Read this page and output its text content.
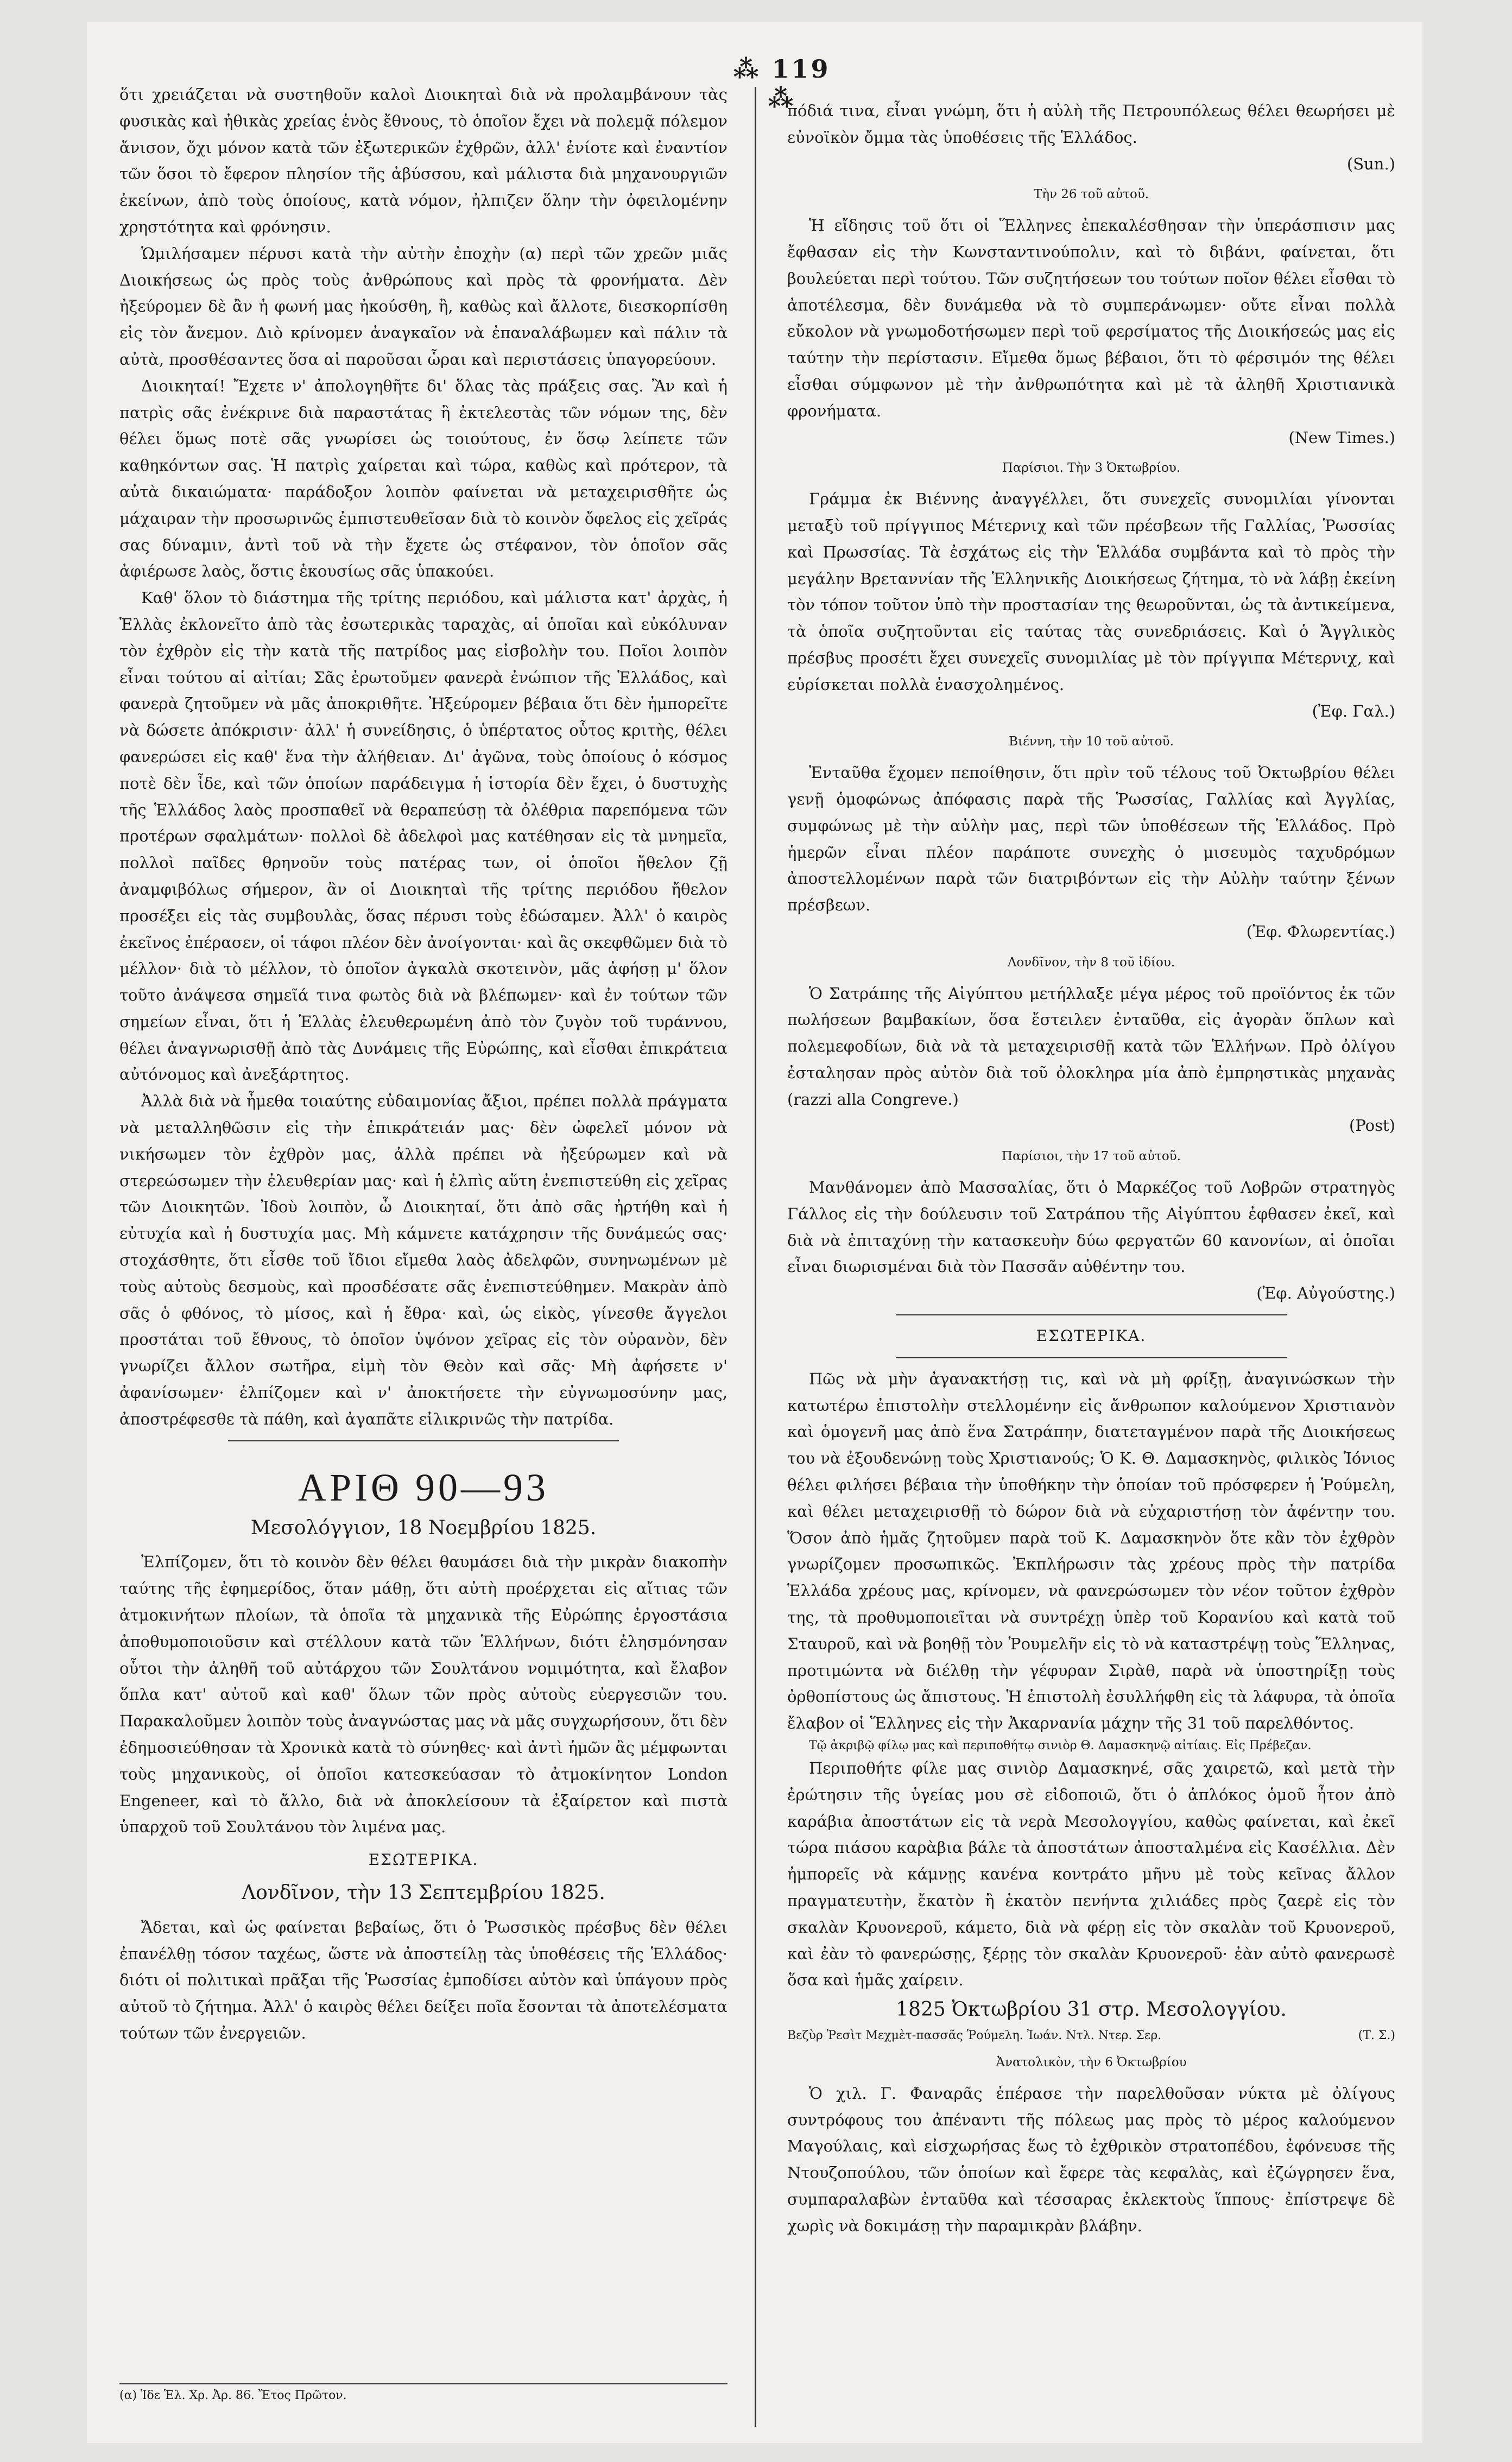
⁂ 119 ⁂

ὅτι χρειάζεται νὰ συστηθοῦν καλοὶ Διοικηταὶ διὰ νὰ προλαμβάνουν τὰς φυσικὰς καὶ ἠθικὰς χρείας ἑνὸς ἔθνους, τὸ ὁποῖον ἔχει νὰ πολεμᾷ πόλεμον ἄνισον, ὄχι μόνον κατὰ τῶν ἐξωτερικῶν ἐχθρῶν, ἀλλ' ἐνίοτε καὶ ἐναντίον τῶν ὅσοι τὸ ἔφερον πλησίον τῆς ἀβύσσου, καὶ μάλιστα διὰ μηχανουργιῶν ἐκείνων, ἀπὸ τοὺς ὁποίους, κατὰ νόμον, ἠλπιζεν ὅλην τὴν ὀφειλομένην χρηστότητα καὶ φρόνησιν.

Ὡμιλήσαμεν πέρυσι κατὰ τὴν αὐτὴν ἐποχὴν (α) περὶ τῶν χρεῶν μιᾶς Διοικήσεως ὡς πρὸς τοὺς ἀνθρώπους καὶ πρὸς τὰ φρονήματα. Δὲν ἠξεύρομεν δὲ ἂν ἡ φωνή μας ἠκούσθη, ἢ, καθὼς καὶ ἄλλοτε, διεσκορπίσθη εἰς τὸν ἄνεμον. Διὸ κρίνομεν ἀναγκαῖον νὰ ἐπαναλάβωμεν καὶ πάλιν τὰ αὐτὰ, προσθέσαντες ὅσα αἱ παροῦσαι ὧραι καὶ περιστάσεις ὑπαγορεύουν.

Διοικηταί! Ἔχετε ν' ἀπολογηθῆτε δι' ὅλας τὰς πράξεις σας. Ἂν καὶ ἡ πατρὶς σᾶς ἐνέκρινε διὰ παραστάτας ἢ ἐκτελεστὰς τῶν νόμων της, δὲν θέλει ὅμως ποτὲ σᾶς γνωρίσει ὡς τοιούτους, ἐν ὅσῳ λείπετε τῶν καθηκόντων σας. Ἡ πατρὶς χαίρεται καὶ τώρα, καθὼς καὶ πρότερον, τὰ αὐτὰ δικαιώματα· παράδοξον λοιπὸν φαίνεται νὰ μεταχειρισθῆτε ὡς μάχαιραν τὴν προσωρινῶς ἐμπιστευθεῖσαν διὰ τὸ κοινὸν ὄφελος εἰς χεῖράς σας δύναμιν, ἀντὶ τοῦ νὰ τὴν ἔχετε ὡς στέφανον, τὸν ὁποῖον σᾶς ἀφιέρωσε λαὸς, ὅστις ἑκουσίως σᾶς ὑπακούει.

Καθ' ὅλον τὸ διάστημα τῆς τρίτης περιόδου, καὶ μάλιστα κατ' ἀρχὰς, ἡ Ἑλλὰς ἐκλονεῖτο ἀπὸ τὰς ἐσωτερικὰς ταραχὰς, αἱ ὁποῖαι καὶ εὐκόλυναν τὸν ἐχθρὸν εἰς τὴν κατὰ τῆς πατρίδος μας εἰσβολὴν του. Ποῖοι λοιπὸν εἶναι τούτου αἱ αἰτίαι; Σᾶς ἐρωτοῦμεν φανερὰ ἐνώπιον τῆς Ἑλλάδος, καὶ φανερὰ ζητοῦμεν νὰ μᾶς ἀποκριθῆτε. Ἠξεύρομεν βέβαια ὅτι δὲν ἠμπορεῖτε νὰ δώσετε ἀπόκρισιν· ἀλλ' ἡ συνείδησις, ὁ ὑπέρτατος οὗτος κριτὴς, θέλει φανερώσει εἰς καθ' ἕνα τὴν ἀλήθειαν. Δι' ἀγῶνα, τοὺς ὁποίους ὁ κόσμος ποτὲ δὲν ἶδε, καὶ τῶν ὁποίων παράδειγμα ἡ ἱστορία δὲν ἔχει, ὁ δυστυχὴς τῆς Ἑλλάδος λαὸς προσπαθεῖ νὰ θεραπεύσῃ τὰ ὀλέθρια παρεπόμενα τῶν προτέρων σφαλμάτων· πολλοὶ δὲ ἀδελφοὶ μας κατέθησαν εἰς τὰ μνημεῖα, πολλοὶ παῖδες θρηνοῦν τοὺς πατέρας των, οἱ ὁποῖοι ἤθελον ζῇ ἀναμφιβόλως σήμερον, ἂν οἱ Διοικηταὶ τῆς τρίτης περιόδου ἤθελον προσέξει εἰς τὰς συμβουλὰς, ὅσας πέρυσι τοὺς ἐδώσαμεν. Ἀλλ' ὁ καιρὸς ἐκεῖνος ἐπέρασεν, οἱ τάφοι πλέον δὲν ἀνοίγονται· καὶ ἂς σκεφθῶμεν διὰ τὸ μέλλον· διὰ τὸ μέλλον, τὸ ὁποῖον ἀγκαλὰ σκοτεινὸν, μᾶς ἀφήσῃ μ' ὅλον τοῦτο ἀνάψεσα σημεῖά τινα φωτὸς διὰ νὰ βλέπωμεν· καὶ ἐν τούτων τῶν σημείων εἶναι, ὅτι ἡ Ἑλλὰς ἐλευθερωμένη ἀπὸ τὸν ζυγὸν τοῦ τυράννου, θέλει ἀναγνωρισθῇ ἀπὸ τὰς Δυνάμεις τῆς Εὐρώπης, καὶ εἶσθαι ἐπικράτεια αὐτόνομος καὶ ἀνεξάρτητος.

Ἀλλὰ διὰ νὰ ἦμεθα τοιαύτης εὐδαιμονίας ἄξιοι, πρέπει πολλὰ πράγματα νὰ μεταλληθῶσιν εἰς τὴν ἐπικράτειάν μας· δὲν ὠφελεῖ μόνον νὰ νικήσωμεν τὸν ἐχθρὸν μας, ἀλλὰ πρέπει νὰ ἠξεύρωμεν καὶ νὰ στερεώσωμεν τὴν ἐλευθερίαν μας· καὶ ἡ ἐλπὶς αὕτη ἐνεπιστεύθη εἰς χεῖρας τῶν Διοικητῶν. Ἰδοὺ λοιπὸν, ὦ Διοικηταί, ὅτι ἀπὸ σᾶς ἠρτήθη καὶ ἡ εὐτυχία καὶ ἡ δυστυχία μας. Μὴ κάμνετε κατάχρησιν τῆς δυνάμεώς σας· στοχάσθητε, ὅτι εἶσθε τοῦ ἴδιοι εἴμεθα λαὸς ἀδελφῶν, συνηνωμένων μὲ τοὺς αὐτοὺς δεσμοὺς, καὶ προσδέσατε σᾶς ἐνεπιστεύθημεν. Μακρὰν ἀπὸ σᾶς ὁ φθόνος, τὸ μίσος, καὶ ἡ ἔθρα· καὶ, ὡς εἰκὸς, γίνεσθε ἄγγελοι προστάται τοῦ ἔθνους, τὸ ὁποῖον ὑψόνον χεῖρας εἰς τὸν οὐρανὸν, δὲν γνωρίζει ἄλλον σωτῆρα, εἰμὴ τὸν Θεὸν καὶ σᾶς· Μὴ ἀφήσετε ν' ἀφανίσωμεν· ἐλπίζομεν καὶ ν' ἀποκτήσετε τὴν εὐγνωμοσύνην μας, ἀποστρέφεσθε τὰ πάθη, καὶ ἀγαπᾶτε εἰλικρινῶς τὴν πατρίδα.

ΑΡΙΘ 90—93
Μεσολόγγιον, 18 Νοεμβρίου 1825.

Ἐλπίζομεν, ὅτι τὸ κοινὸν δὲν θέλει θαυμάσει διὰ τὴν μικρὰν διακοπὴν ταύτης τῆς ἐφημερίδος, ὅταν μάθῃ, ὅτι αὐτὴ προέρχεται εἰς αἴτιας τῶν ἀτμοκινήτων πλοίων, τὰ ὁποῖα τὰ μηχανικὰ τῆς Εὐρώπης ἐργοστάσια ἀποθυμοποιοῦσιν καὶ στέλλουν κατὰ τῶν Ἑλλήνων, διότι ἐλησμόνησαν οὗτοι τὴν ἀληθῆ τοῦ αὐτάρχου τῶν Σουλτάνου νομιμότητα, καὶ ἔλαβον ὅπλα κατ' αὐτοῦ καὶ καθ' ὅλων τῶν πρὸς αὐτοὺς εὐεργεσιῶν του. Παρακαλοῦμεν λοιπὸν τοὺς ἀναγνώστας μας νὰ μᾶς συγχωρήσουν, ὅτι δὲν ἐδημοσιεύθησαν τὰ Χρονικὰ κατὰ τὸ σύνηθες· καὶ ἀντὶ ἡμῶν ἂς μέμφωνται τοὺς μηχανικοὺς, οἱ ὁποῖοι κατεσκεύασαν τὸ ἀτμοκίνητον London Engeneer, καὶ τὸ ἄλλο, διὰ νὰ ἀποκλείσουν τὰ ἐξαίρετον καὶ πιστὰ ὑπαρχοῦ τοῦ Σουλτάνου τὸν λιμένα μας.

ΕΣΩΤΕΡΙΚΑ.
Λονδῖνον, τὴν 13 Σεπτεμβρίου 1825.

Ἄδεται, καὶ ὡς φαίνεται βεβαίως, ὅτι ὁ Ῥωσσικὸς πρέσβυς δὲν θέλει ἐπανέλθῃ τόσον ταχέως, ὥστε νὰ ἀποστείλῃ τὰς ὑποθέσεις τῆς Ἑλλάδος· διότι οἱ πολιτικαὶ πρᾶξαι τῆς Ῥωσσίας ἐμποδίσει αὐτὸν καὶ ὑπάγουν πρὸς αὐτοῦ τὸ ζήτημα. Ἀλλ' ὁ καιρὸς θέλει δείξει ποῖα ἔσονται τὰ ἀποτελέσματα τούτων τῶν ἐνεργειῶν.

(α) Ἰδε Ἑλ. Χρ. Ἀρ. 86. Ἔτος Πρῶτον.

πόδιά τινα, εἶναι γνώμη, ὅτι ἡ αὐλὴ τῆς Πετρουπόλεως θέλει θεωρήσει μὲ εὐνοϊκὸν ὄμμα τὰς ὑποθέσεις τῆς Ἑλλάδος.

(Sun.)
Τὴν 26 τοῦ αὐτοῦ.

Ἡ εἴδησις τοῦ ὅτι οἱ Ἕλληνες ἐπεκαλέσθησαν τὴν ὑπεράσπισιν μας ἔφθασαν εἰς τὴν Κωνσταντινούπολιν, καὶ τὸ διβάνι, φαίνεται, ὅτι βουλεύεται περὶ τούτου. Τῶν συζητήσεων του τούτων ποῖον θέλει εἶσθαι τὸ ἀποτέλεσμα, δὲν δυνάμεθα νὰ τὸ συμπεράνωμεν· οὔτε εἶναι πολλὰ εὔκολον νὰ γνωμοδοτήσωμεν περὶ τοῦ φερσίματος τῆς Διοικήσεώς μας εἰς ταύτην τὴν περίστασιν. Εἴμεθα ὅμως βέβαιοι, ὅτι τὸ φέρσιμόν της θέλει εἶσθαι σύμφωνον μὲ τὴν ἀνθρωπότητα καὶ μὲ τὰ ἀληθῆ Χριστιανικὰ φρονήματα.

(New Times.)
Παρίσιοι. Τὴν 3 Ὀκτωβρίου.

Γράμμα ἐκ Βιέννης ἀναγγέλλει, ὅτι συνεχεῖς συνομιλίαι γίνονται μεταξὺ τοῦ πρίγγιπος Μέτερνιχ καὶ τῶν πρέσβεων τῆς Γαλλίας, Ῥωσσίας καὶ Πρωσσίας. Τὰ ἐσχάτως εἰς τὴν Ἑλλάδα συμβάντα καὶ τὸ πρὸς τὴν μεγάλην Βρεταννίαν τῆς Ἑλληνικῆς Διοικήσεως ζήτημα, τὸ νὰ λάβῃ ἐκείνη τὸν τόπον τοῦτον ὑπὸ τὴν προστασίαν της θεωροῦνται, ὡς τὰ ἀντικείμενα, τὰ ὁποῖα συζητοῦνται εἰς ταύτας τὰς συνεδριάσεις. Καὶ ὁ Ἄγγλικὸς πρέσβυς προσέτι ἔχει συνεχεῖς συνομιλίας μὲ τὸν πρίγγιπα Μέτερνιχ, καὶ εὑρίσκεται πολλὰ ἐνασχολημένος.

(Ἐφ. Γαλ.)
Βιέννη, τὴν 10 τοῦ αὐτοῦ.

Ἐνταῦθα ἔχομεν πεποίθησιν, ὅτι πρὶν τοῦ τέλους τοῦ Ὀκτωβρίου θέλει γενῇ ὁμοφώνως ἀπόφασις παρὰ τῆς Ῥωσσίας, Γαλλίας καὶ Ἀγγλίας, συμφώνως μὲ τὴν αὐλὴν μας, περὶ τῶν ὑποθέσεων τῆς Ἑλλάδος. Πρὸ ἡμερῶν εἶναι πλέον παράποτε συνεχὴς ὁ μισευμὸς ταχυδρόμων ἀποστελλομένων παρὰ τῶν διατριβόντων εἰς τὴν Αὐλὴν ταύτην ξένων πρέσβεων.

(Ἐφ. Φλωρεντίας.)
Λονδῖνον, τὴν 8 τοῦ ἰδίου.

Ὁ Σατράπης τῆς Αἰγύπτου μετήλλαξε μέγα μέρος τοῦ προϊόντος ἐκ τῶν πωλήσεων βαμβακίων, ὅσα ἔστειλεν ἐνταῦθα, εἰς ἀγορὰν ὅπλων καὶ πολεμεφοδίων, διὰ νὰ τὰ μεταχειρισθῇ κατὰ τῶν Ἑλλήνων. Πρὸ ὀλίγου ἐσταλησαν πρὸς αὐτὸν διὰ τοῦ ὀλοκληρα μία ἀπὸ ἐμπρηστικὰς μηχανὰς (razzi alla Congreve.)

(Post)
Παρίσιοι, τὴν 17 τοῦ αὐτοῦ.

Μανθάνομεν ἀπὸ Μασσαλίας, ὅτι ὁ Μαρκέζος τοῦ Λοβρῶν στρατηγὸς Γάλλος εἰς τὴν δούλευσιν τοῦ Σατράπου τῆς Αἰγύπτου ἐφθασεν ἐκεῖ, καὶ διὰ νὰ ἐπιταχύνῃ τὴν κατασκευὴν δύω φεργατῶν 60 κανονίων, αἱ ὁποῖαι εἶναι διωρισμέναι διὰ τὸν Πασσᾶν αὐθέντην του.

(Ἐφ. Αὐγούστης.)
ΕΣΩΤΕΡΙΚΑ.

Πῶς νὰ μὴν ἀγανακτήσῃ τις, καὶ νὰ μὴ φρίξῃ, ἀναγινώσκων τὴν κατωτέρω ἐπιστολὴν στελλομένην εἰς ἄνθρωπον καλούμενον Χριστιανὸν καὶ ὁμογενῆ μας ἀπὸ ἕνα Σατράπην, διατεταγμένον παρὰ τῆς Διοικήσεως του νὰ ἐξουδενώνῃ τοὺς Χριστιανούς; Ὁ Κ. Θ. Δαμασκηνὸς, φιλικὸς Ἰόνιος θέλει φιλήσει βέβαια τὴν ὑποθήκην τὴν ὁποίαν τοῦ πρόσφερεν ἡ Ῥούμελη, καὶ θέλει μεταχειρισθῇ τὸ δώρον διὰ νὰ εὐχαριστήσῃ τὸν ἀφέντην του. Ὅσον ἀπὸ ἡμᾶς ζητοῦμεν παρὰ τοῦ Κ. Δαμασκηνὸν ὅτε κἂν τὸν ἐχθρὸν γνωρίζομεν προσωπικῶς. Ἐκπλήρωσιν τὰς χρέους πρὸς τὴν πατρίδα Ἑλλάδα χρέους μας, κρίνομεν, νὰ φανερώσωμεν τὸν νέον τοῦτον ἐχθρὸν της, τὰ προθυμοποιεῖται νὰ συντρέχῃ ὑπὲρ τοῦ Κορανίου καὶ κατὰ τοῦ Σταυροῦ, καὶ νὰ βοηθῇ τὸν Ῥουμελῆν εἰς τὸ νὰ καταστρέψῃ τοὺς Ἕλληνας, προτιμώντα νὰ διέλθῃ τὴν γέφυραν Σιρὰθ, παρὰ νὰ ὑποστηρίξῃ τοὺς ὀρθοπίστους ὡς ἄπιστους. Ἡ ἐπιστολὴ ἐσυλλήφθη εἰς τὰ λάφυρα, τὰ ὁποῖα ἔλαβον οἱ Ἕλληνες εἰς τὴν Ἀκαρνανία μάχην τῆς 31 τοῦ παρελθόντος.

Τῷ ἀκριβῷ φίλῳ μας καὶ περιποθήτῳ σινιὸρ Θ. Δαμασκηνῷ αἰτίαις. Εἰς Πρέβεζαν.

Περιποθήτε φίλε μας σινιὸρ Δαμασκηνέ, σᾶς χαιρετῶ, καὶ μετὰ τὴν ἐρώτησιν τῆς ὑγείας μου σὲ εἰδοποιῶ, ὅτι ὁ ἁπλόκος ὁμοῦ ἦτον ἀπὸ καράβια ἀποστάτων εἰς τὰ νερὰ Μεσολογγίου, καθὼς φαίνεται, καὶ ἐκεῖ τώρα πιάσου καρὰβια βάλε τὰ ἀποστάτων ἀποσταλμένα εἰς Κασέλλια. Δὲν ἠμπορεῖς νὰ κάμνῃς κανένα κοντράτο μῆνυ μὲ τοὺς κεῖνας ἄλλον πραγματευτὴν, ἔκατὸν ἢ ἑκατὸν πενήντα χιλιάδες πρὸς ζαερὲ εἰς τὸν σκαλὰν Κρυονεροῦ, κάμετο, διὰ νὰ φέρῃ εἰς τὸν σκαλὰν τοῦ Κρυονεροῦ, καὶ ἐὰν τὸ φανερώσῃς, ξέρῃς τὸν σκαλὰν Κρυονεροῦ· ἐὰν αὐτὸ φανερωσὲ ὅσα καὶ ἡμᾶς χαίρειν.

1825 Ὀκτωβρίου 31 στρ. Μεσολογγίου.

Βεζὺρ Ῥεσὶτ Μεχμὲτ-πασσᾶς Ῥούμελη. Ἰωάν. Ντλ. Ντερ. Σερ.	(Τ. Σ.)

Ἀνατολικὸν, τὴν 6 Ὀκτωβρίου

Ὁ χιλ. Γ. Φαναρᾶς ἐπέρασε τὴν παρελθοῦσαν νύκτα μὲ ὀλίγους συντρόφους του ἀπέναντι τῆς πόλεως μας πρὸς τὸ μέρος καλούμενον Μαγούλαις, καὶ εἰσχωρήσας ἕως τὸ ἐχθρικὸν στρατοπέδου, ἐφόνευσε τῆς Ντουζοπούλου, τῶν ὁποίων καὶ ἔφερε τὰς κεφαλὰς, καὶ ἐζώγρησεν ἕνα, συμπαραλαβὼν ἐνταῦθα καὶ τέσσαρας ἐκλεκτοὺς ἵππους· ἐπίστρεψε δὲ χωρὶς νὰ δοκιμάσῃ τὴν παραμικρὰν βλάβην.
